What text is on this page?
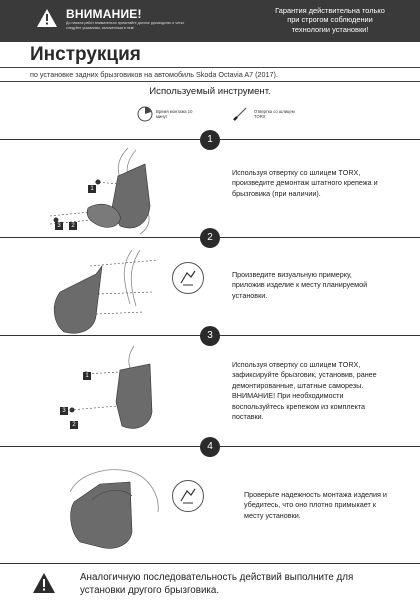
ВНИМАНИЕ!
До начала работ внимательно прочитайте данное руководство и четко следуйте указаниям, изложенным в нем!
Гарантия действительна только при строгом соблюдении технологии установки!
Инструкция
по установке задних брызговиков на автомобиль Skoda Octavia A7 (2017).
Используемый инструмент.
Время монтажа 10 минут
Отвертка со шлицем TORX
1
1
3	2
Используя отвертку со шлицем TORX, произведите демонтаж штатного крепежа и брызговика (при наличии).
2
Произведите визуальную примерку, приложив изделие к месту планируемой установки.
3
1
3
2
Используя отвертку со шлицем TORX, зафиксируйте брызговик, установив, ранее демонтированные, штатные саморезы. ВНИМАНИЕ! При необходимости воспользуйтесь крепежом из комплекта поставки.
4
Проверьте надежность монтажа изделия и убедитесь, что оно плотно примыкает к месту установки.
Аналогичную последовательность действий выполните для установки другого брызговика.
